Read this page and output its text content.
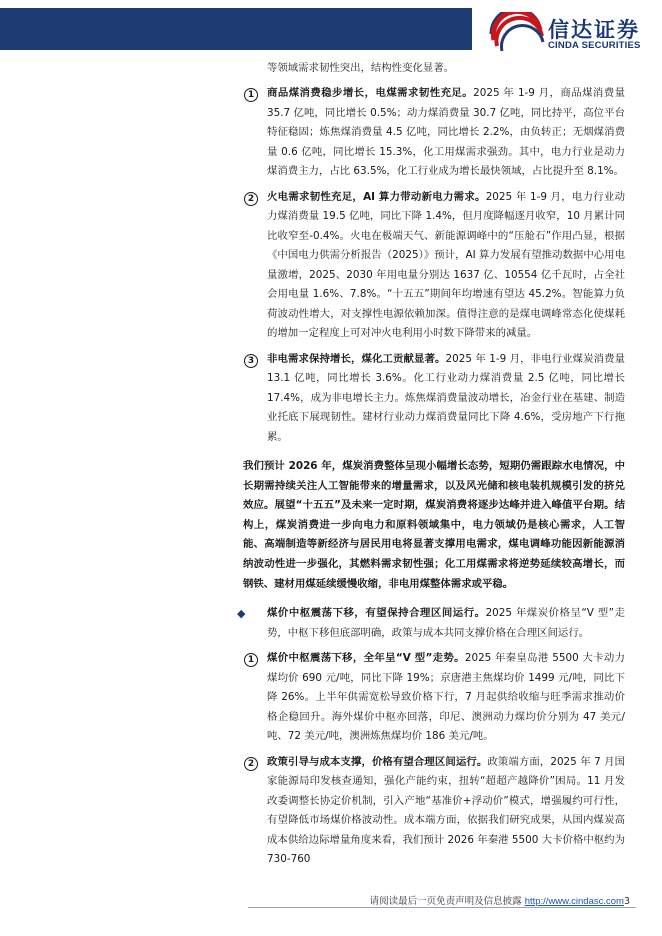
信达证券
CINDA SECURITIES

等领域需求韧性突出，结构性变化显著。

1	商品煤消费稳步增长，电煤需求韧性充足。2025 年 1-9 月，商品煤消费量 35.7 亿吨，同比增长 0.5%；动力煤消费量 30.7 亿吨，同比持平，高位平台特征稳固；炼焦煤消费量 4.5 亿吨，同比增长 2.2%，由负转正；无烟煤消费量 0.6 亿吨，同比增长 15.3%，化工用煤需求强劲。其中，电力行业是动力煤消费主力，占比 63.5%，化工行业成为增长最快领域，占比提升至 8.1%。
2	火电需求韧性充足，AI 算力带动新电力需求。2025 年 1-9 月，电力行业动力煤消费量 19.5 亿吨，同比下降 1.4%，但月度降幅逐月收窄，10 月累计同比收窄至-0.4%。火电在极端天气、新能源调峰中的“压舱石”作用凸显，根据《中国电力供需分析报告（2025）》预计，AI 算力发展有望推动数据中心用电量激增，2025、2030 年用电量分别达 1637 亿、10554 亿千瓦时，占全社会用电量 1.6%、7.8%。“十五五”期间年均增速有望达 45.2%。智能算力负荷波动性增大，对支撑性电源依赖加深。值得注意的是煤电调峰常态化使煤耗的增加一定程度上可对冲火电利用小时数下降带来的减量。
3	非电需求保持增长，煤化工贡献显著。2025 年 1-9 月，非电行业煤炭消费量 13.1 亿吨，同比增长 3.6%。化工行业动力煤消费量 2.5 亿吨，同比增长 17.4%，成为非电增长主力。炼焦煤消费量波动增长，冶金行业在基建、制造业托底下展现韧性。建材行业动力煤消费量同比下降 4.6%，受房地产下行拖累。

我们预计 2026 年，煤炭消费整体呈现小幅增长态势，短期仍需跟踪水电情况，中长期需持续关注人工智能带来的增量需求，以及风光储和核电装机规模引发的挤兑效应。展望“十五五”及未来一定时期，煤炭消费将逐步达峰并进入峰值平台期。结构上，煤炭消费进一步向电力和原料领域集中，电力领域仍是核心需求，人工智能、高端制造等新经济与居民用电将显著支撑用电需求，煤电调峰功能因新能源消纳波动性进一步强化，其燃料需求韧性强；化工用煤需求将逆势延续较高增长，而钢铁、建材用煤延续缓慢收缩，非电用煤整体需求或平稳。

◆ 煤价中枢震荡下移，有望保持合理区间运行。2025 年煤炭价格呈“V 型”走势，中枢下移但底部明确，政策与成本共同支撑价格在合理区间运行。
1	煤价中枢震荡下移，全年呈“V 型”走势。2025 年秦皇岛港 5500 大卡动力煤均价 690 元/吨，同比下降 19%；京唐港主焦煤均价 1499 元/吨，同比下降 26%。上半年供需宽松导致价格下行，7 月起供给收缩与旺季需求推动价格企稳回升。海外煤价中枢亦回落，印尼、澳洲动力煤均价分别为 47 美元/吨、72 美元/吨，澳洲炼焦煤均价 186 美元/吨。
2	政策引导与成本支撑，价格有望合理区间运行。政策端方面，2025 年 7 月国家能源局印发核查通知，强化产能约束，扭转“超超产越降价”困局。11 月发改委调整长协定价机制，引入产地“基准价+浮动价”模式，增强履约可行性，有望降低市场煤价格波动性。成本端方面，依据我们研究成果，从国内煤炭高成本供给边际增量角度来看，我们预计 2026 年秦港 5500 大卡价格中枢约为 730-760
请阅读最后一页免责声明及信息披露 http://www.cindasc.com3
